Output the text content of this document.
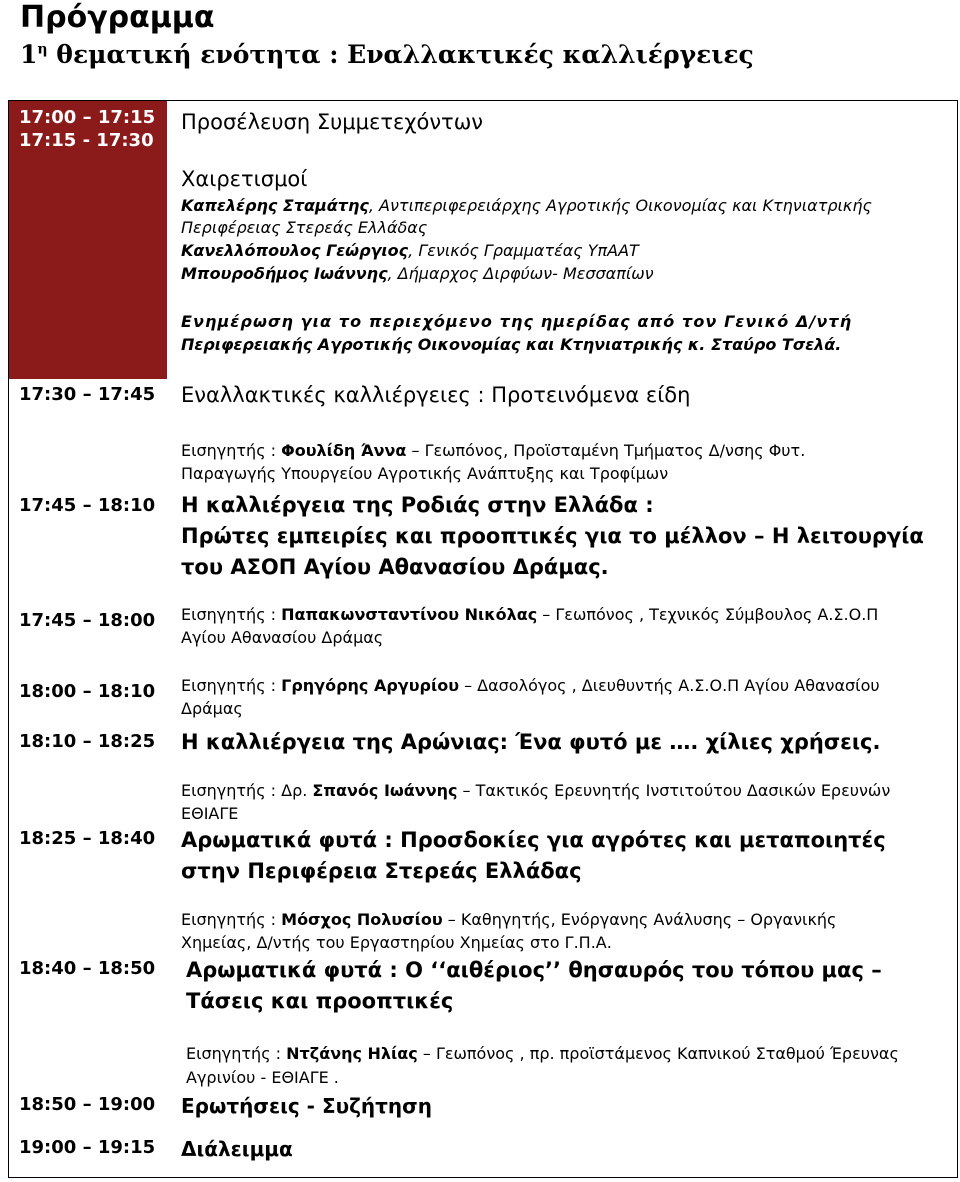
Πρόγραμμα
$1^\eta$ θεματική ενότητα : Εναλλακτικές καλλιέργειες
17:00 – 17:15
17:15 - 17:30
Προσέλευση Συμμετεχόντων
Χαιρετισμοί
Καπελέρης Σταμάτης, Αντιπεριφερειάρχης Αγροτικής Οικονομίας και Κτηνιατρικής
Περιφέρειας Στερεάς Ελλάδας
Κανελλόπουλος Γεώργιος, Γενικός Γραμματέας ΥπΑΑΤ
Μπουροδήμος Ιωάννης, Δήμαρχος Διρφύων- Μεσσαπίων
Ενημέρωση για το περιεχόμενο της ημερίδας από τον Γενικό Δ/ντή
Περιφερειακής Αγροτικής Οικονομίας και Κτηνιατρικής κ. Σταύρο Τσελά.
17:30 – 17:45 Εναλλακτικές καλλιέργειες : Προτεινόμενα είδη
Εισηγητής : Φουλίδη Άννα – Γεωπόνος, Προϊσταμένη Τμήματος Δ/νσης Φυτ.
Παραγωγής Υπουργείου Αγροτικής Ανάπτυξης και Τροφίμων
17:45 – 18:10 Η καλλιέργεια της Ροδιάς στην Ελλάδα :
Πρώτες εμπειρίες και προοπτικές για το μέλλον – Η λειτουργία
του ΑΣΟΠ Αγίου Αθανασίου Δράμας.
17:45 – 18:00 Εισηγητής : Παπακωνσταντίνου Νικόλας – Γεωπόνος , Τεχνικός Σύμβουλος Α.Σ.Ο.Π
Αγίου Αθανασίου Δράμας
18:00 – 18:10 Εισηγητής : Γρηγόρης Αργυρίου – Δασολόγος , Διευθυντής Α.Σ.Ο.Π Αγίου Αθανασίου
Δράμας
18:10 – 18:25 Η καλλιέργεια της Αρώνιας: Ένα φυτό με …. χίλιες χρήσεις.
Εισηγητής : Δρ. Σπανός Ιωάννης – Τακτικός Ερευνητής Ινστιτούτου Δασικών Ερευνών
ΕΘΙΑΓΕ
18:25 – 18:40 Αρωματικά φυτά : Προσδοκίες για αγρότες και μεταποιητές
στην Περιφέρεια Στερεάς Ελλάδας
Εισηγητής : Μόσχος Πολυσίου – Καθηγητής, Ενόργανης Ανάλυσης – Οργανικής
Χημείας, Δ/ντής του Εργαστηρίου Χημείας στο Γ.Π.Α.
18:40 – 18:50 Αρωματικά φυτά : Ο ‘‘αιθέριος’’ θησαυρός του τόπου μας –
Τάσεις και προοπτικές
Εισηγητής : Ντζάνης Ηλίας – Γεωπόνος , πρ. προϊστάμενος Καπνικού Σταθμού Έρευνας
Αγρινίου - ΕΘΙΑΓΕ .
18:50 – 19:00 Ερωτήσεις - Συζήτηση
19:00 – 19:15 Διάλειμμα
